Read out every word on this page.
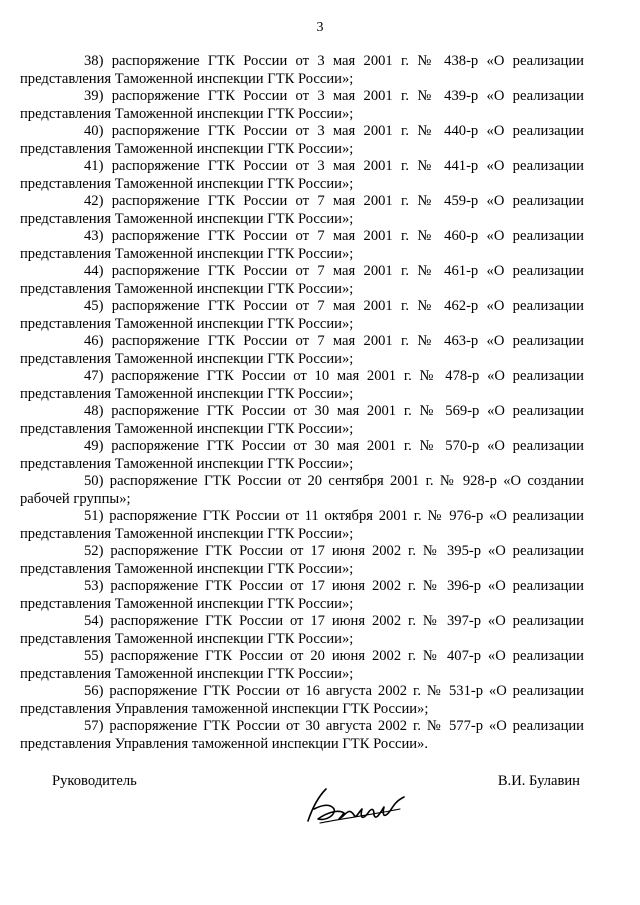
3

38) распоряжение ГТК России от 3 мая 2001 г. № 438-р «О реализации
представления Таможенной инспекции ГТК России»;

39) распоряжение ГТК России от 3 мая 2001 г. № 439-р «О реализации
представления Таможенной инспекции ГТК России»;

40) распоряжение ГТК России от 3 мая 2001 г. № 440-р «О реализации
представления Таможенной инспекции ГТК России»;

41) распоряжение ГТК России от 3 мая 2001 г. № 441-р «О реализации
представления Таможенной инспекции ГТК России»;

42) распоряжение ГТК России от 7 мая 2001 г. № 459-р «О реализации
представления Таможенной инспекции ГТК России»;

43) распоряжение ГТК России от 7 мая 2001 г. № 460-р «О реализации
представления Таможенной инспекции ГТК России»;

44) распоряжение ГТК России от 7 мая 2001 г. № 461-р «О реализации
представления Таможенной инспекции ГТК России»;

45) распоряжение ГТК России от 7 мая 2001 г. № 462-р «О реализации
представления Таможенной инспекции ГТК России»;

46) распоряжение ГТК России от 7 мая 2001 г. № 463-р «О реализации
представления Таможенной инспекции ГТК России»;

47) распоряжение ГТК России от 10 мая 2001 г. № 478-р «О реализации
представления Таможенной инспекции ГТК России»;

48) распоряжение ГТК России от 30 мая 2001 г. № 569-р «О реализации
представления Таможенной инспекции ГТК России»;

49) распоряжение ГТК России от 30 мая 2001 г. № 570-р «О реализации
представления Таможенной инспекции ГТК России»;

50) распоряжение ГТК России от 20 сентября 2001 г. № 928-р «О создании
рабочей группы»;

51) распоряжение ГТК России от 11 октября 2001 г. № 976-р «О реализации
представления Таможенной инспекции ГТК России»;

52) распоряжение ГТК России от 17 июня 2002 г. № 395-р «О реализации
представления Таможенной инспекции ГТК России»;

53) распоряжение ГТК России от 17 июня 2002 г. № 396-р «О реализации
представления Таможенной инспекции ГТК России»;

54) распоряжение ГТК России от 17 июня 2002 г. № 397-р «О реализации
представления Таможенной инспекции ГТК России»;

55) распоряжение ГТК России от 20 июня 2002 г. № 407-р «О реализации
представления Таможенной инспекции ГТК России»;

56) распоряжение ГТК России от 16 августа 2002 г. № 531-р «О реализации
представления Управления таможенной инспекции ГТК России»;

57) распоряжение ГТК России от 30 августа 2002 г. № 577-р «О реализации
представления Управления таможенной инспекции ГТК России».

Руководитель	В.И. Булавин
